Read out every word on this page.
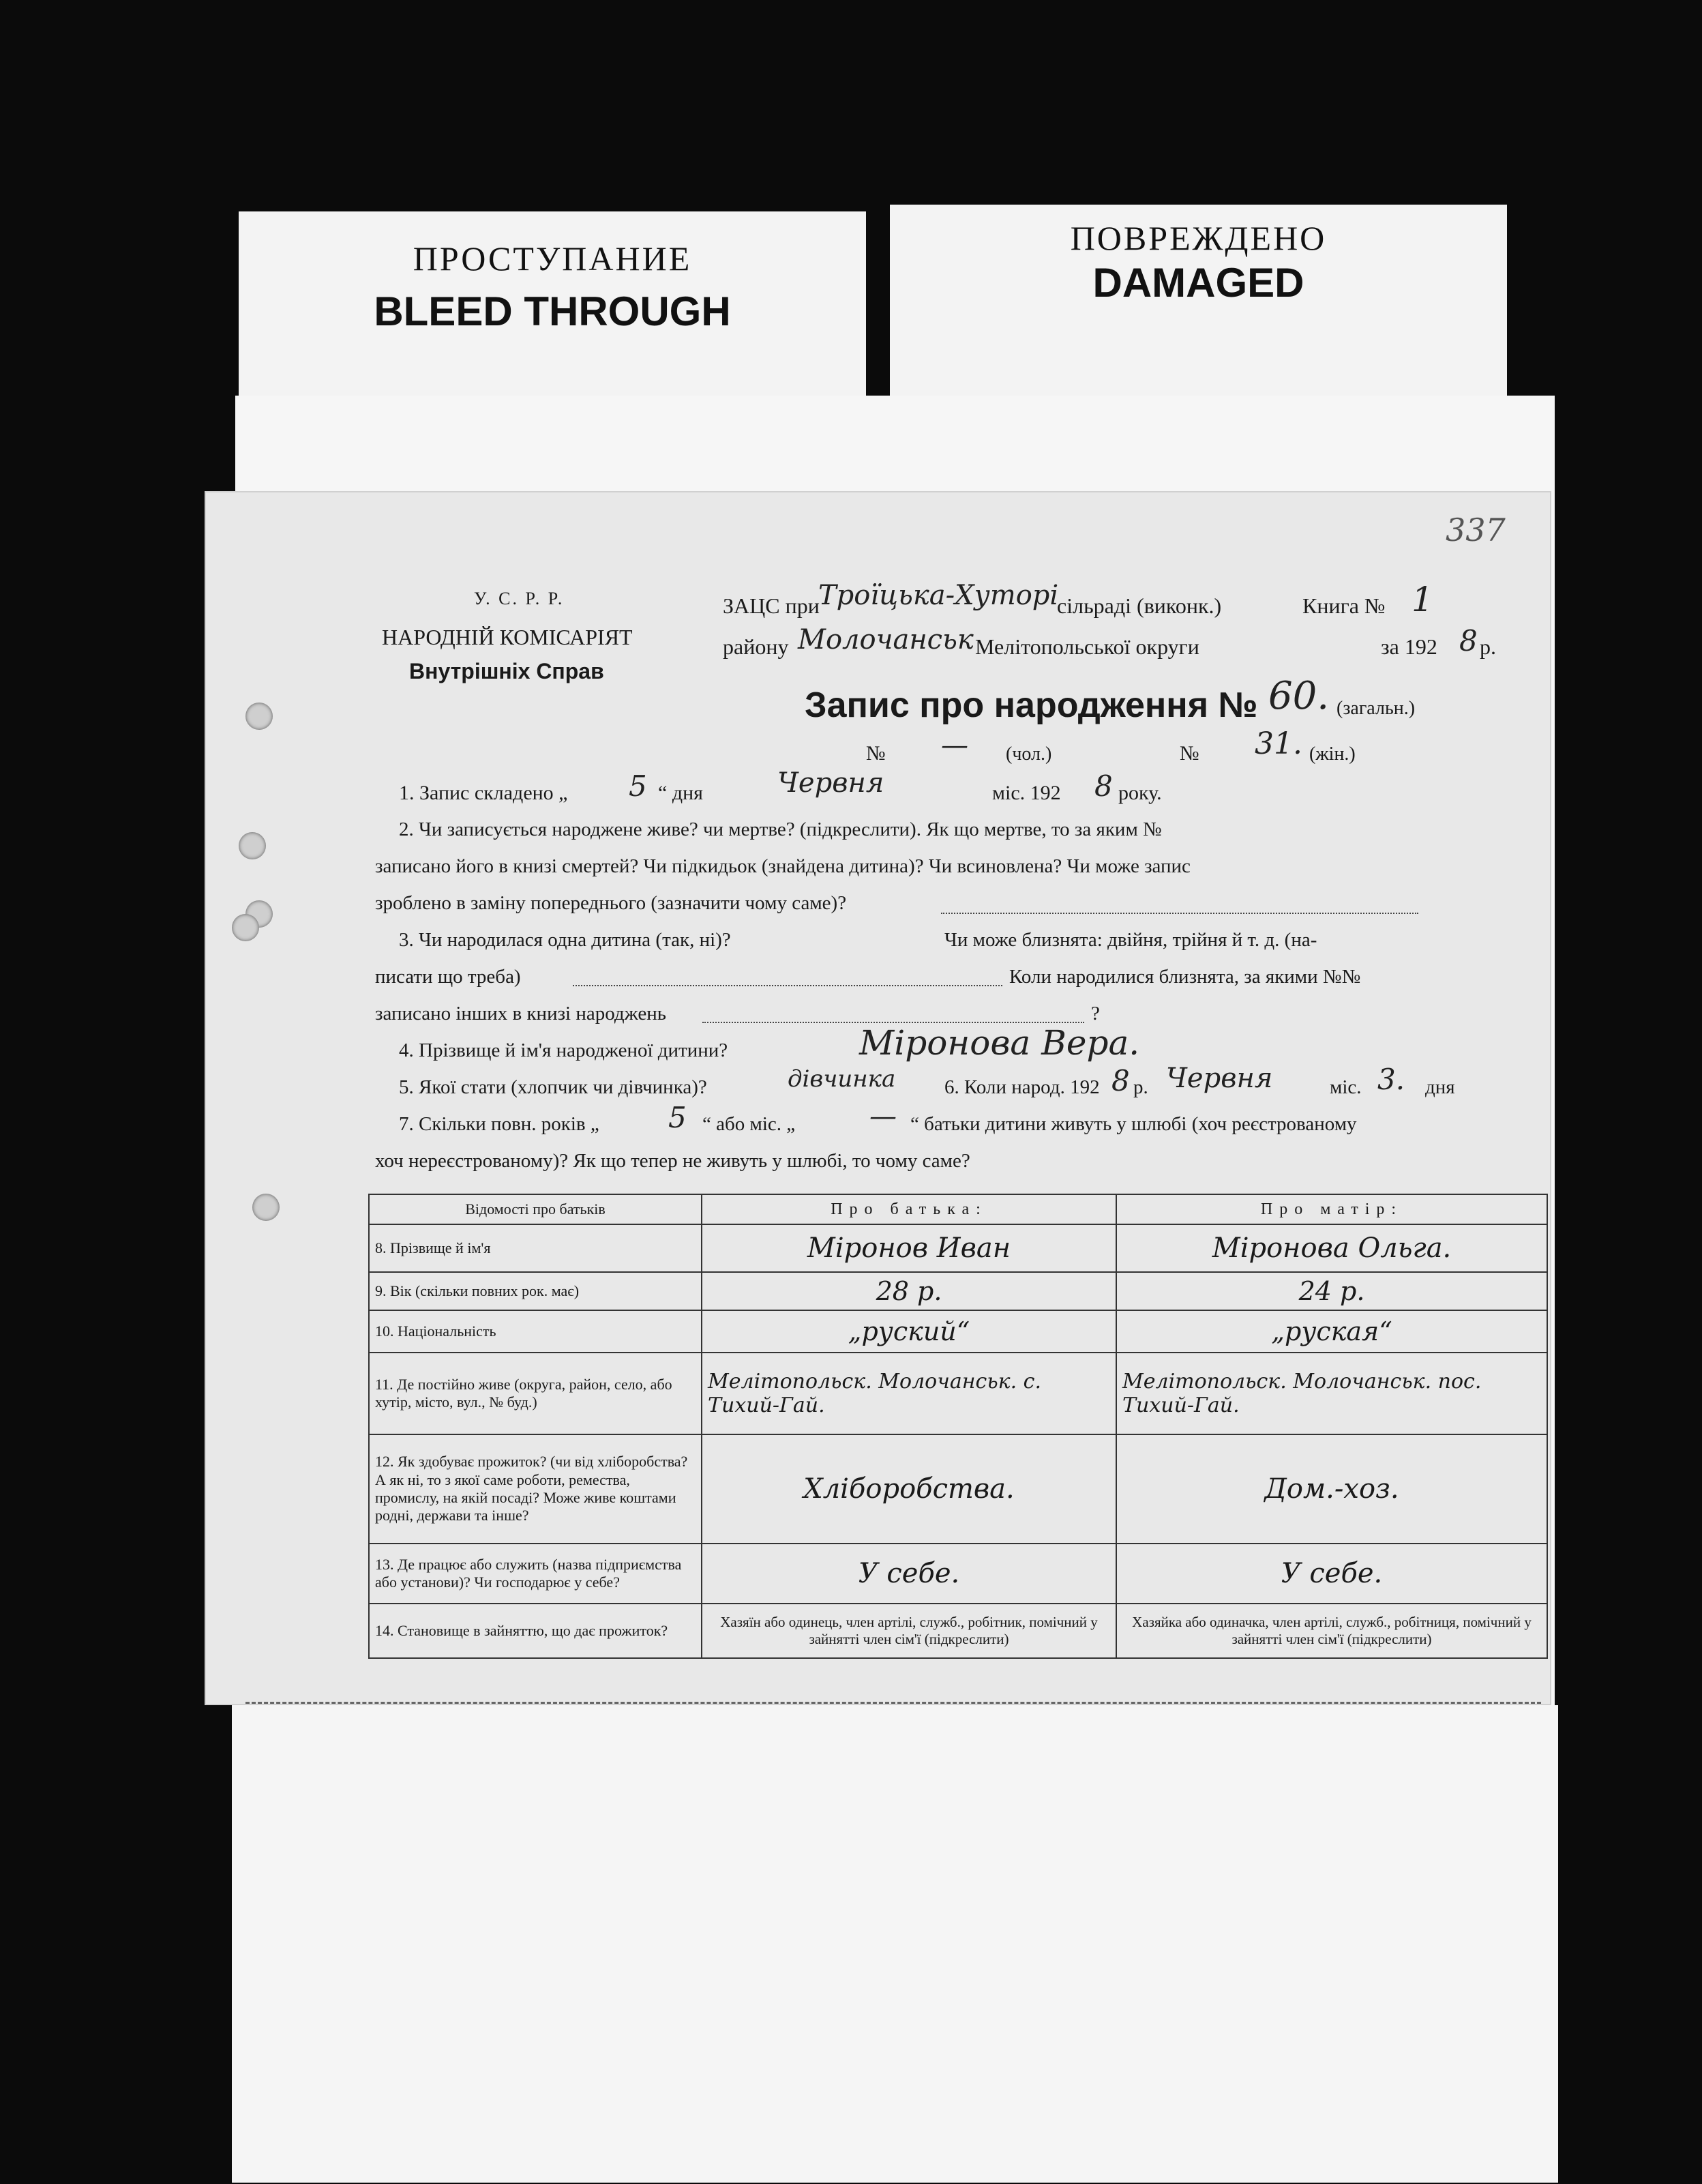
ПРОСТУПАНИЕ
BLEED THROUGH
ПОВРЕЖДЕНО
DAMAGED
337
У. С. Р. Р.
НАРОДНІЙ КОМІСАРІЯТ
Внутрішніх Справ
ЗАЦС при
Троїцька-Хуторі
сільраді (виконк.)	Книга № 1
району Молочанськ Мелітопольської округи	за 192 8 р.
Запис про народження № 60. (загальн.)
№ — (чол.)	№ 31. (жін.)
1. Запис складено „ 5 “ дня	Червня	міс. 192 8 року.
2. Чи записується народжене живе? чи мертве? (підкреслити). Як що мертве, то за яким №
записано його в книзі смертей? Чи підкидьок (знайдена дитина)? Чи всиновлена? Чи може запис
зроблено в заміну попереднього (зазначити чому саме)?
3. Чи народилася одна дитина (так, ні)?	Чи може близнята: двійня, трійня й т. д. (на-
писати що треба)	Коли народилися близнята, за якими №№
записано інших в книзі народжень	?
4. Прізвище й ім'я народженої дитини?	Міронова Вера.
5. Якої стати (хлопчик чи дівчинка)?	дівчинка 6. Коли народ. 192 8 р. Червня	міс. 3. дня
7. Скільки повн. років „ 5 “ або міс. „	— “ батьки дитини живуть у шлюбі (хоч реєстрованому
хоч нереєстрованому)? Як що тепер не живуть у шлюбі, то чому саме?
Відомості про батьків	Про батька:	Про матір:
8. Прізвище й ім'я	Міронов Иван	Міронова Ольга.
9. Вік (скільки повних рок. має)	28 р.	24 р.
10. Національність	„руский“	„руская“
11. Де постійно живе (округа, район, село, або хутір, місто, вул., № буд.)	Мелітопольск. Молочанськ. с. Тихий-Гай.	Мелітопольск. Молочанськ. пос. Тихий-Гай.
12. Як здобуває прожиток? (чи від хліборобства? А як ні, то з якої саме роботи, ремества, промислу, на якій посаді? Може живе коштами родні, держави та інше?	Хліборобства.	Дом.-хоз.
13. Де працює або служить (назва підприємства або установи)? Чи господарює у себе?	У себе.	У себе.
14. Становище в зайняттю, що дає прожиток?	Хазяїн або одинець, член артілі, служб., робітник, помічний у зайнятті член сім'ї (підкреслити)	Хазяйка або одиначка, член артілі, служб., робітниця, помічний у зайнятті член сім'ї (підкреслити)
